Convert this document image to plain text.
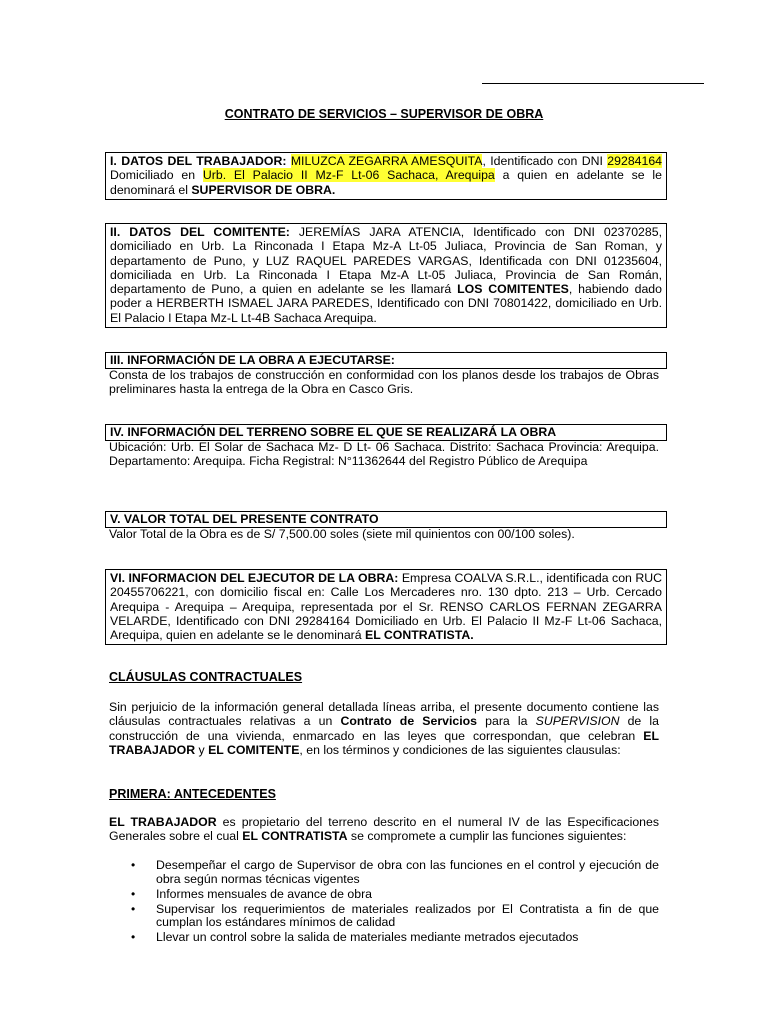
CONTRATO DE SERVICIOS – SUPERVISOR DE OBRA
I. DATOS DEL TRABAJADOR: MILUZCA ZEGARRA AMESQUITA, Identificado con DNI 29284164 Domiciliado en Urb. El Palacio II Mz-F Lt-06 Sachaca, Arequipa a quien en adelante se le denominará el SUPERVISOR DE OBRA.
II. DATOS DEL COMITENTE: JEREMÍAS JARA ATENCIA, Identificado con DNI 02370285, domiciliado en Urb. La Rinconada I Etapa Mz-A Lt-05 Juliaca, Provincia de San Roman, y departamento de Puno, y LUZ RAQUEL PAREDES VARGAS, Identificada con DNI 01235604, domiciliada en Urb. La Rinconada I Etapa Mz-A Lt-05 Juliaca, Provincia de San Román, departamento de Puno, a quien en adelante se les llamará LOS COMITENTES, habiendo dado poder a HERBERTH ISMAEL JARA PAREDES, Identificado con DNI 70801422, domiciliado en Urb. El Palacio I Etapa Mz-L Lt-4B Sachaca Arequipa.
III. INFORMACIÓN DE LA OBRA A EJECUTARSE:
Consta de los trabajos de construcción en conformidad con los planos desde los trabajos de Obras preliminares hasta la entrega de la Obra en Casco Gris.
IV. INFORMACIÓN DEL TERRENO SOBRE EL QUE SE REALIZARÁ LA OBRA
Ubicación: Urb. El Solar de Sachaca Mz- D Lt- 06 Sachaca. Distrito: Sachaca Provincia: Arequipa. Departamento: Arequipa. Ficha Registral: N°11362644 del Registro Público de Arequipa
V. VALOR TOTAL DEL PRESENTE CONTRATO
Valor Total de la Obra es de S/ 7,500.00 soles (siete mil quinientos con 00/100 soles).
VI. INFORMACION DEL EJECUTOR DE LA OBRA: Empresa COALVA S.R.L., identificada con RUC 20455706221, con domicilio fiscal en: Calle Los Mercaderes nro. 130 dpto. 213 – Urb. Cercado Arequipa - Arequipa – Arequipa, representada por el Sr. RENSO CARLOS FERNAN ZEGARRA VELARDE, Identificado con DNI 29284164 Domiciliado en Urb. El Palacio II Mz-F Lt-06 Sachaca, Arequipa, quien en adelante se le denominará EL CONTRATISTA.
CLÁUSULAS CONTRACTUALES
Sin perjuicio de la información general detallada líneas arriba, el presente documento contiene las cláusulas contractuales relativas a un Contrato de Servicios para la SUPERVISION de la construcción de una vivienda, enmarcado en las leyes que correspondan, que celebran EL TRABAJADOR y EL COMITENTE, en los términos y condiciones de las siguientes clausulas:
PRIMERA: ANTECEDENTES
EL TRABAJADOR es propietario del terreno descrito en el numeral IV de las Especificaciones Generales sobre el cual EL CONTRATISTA se compromete a cumplir las funciones siguientes:
• Desempeñar el cargo de Supervisor de obra con las funciones en el control y ejecución de obra según normas técnicas vigentes
• Informes mensuales de avance de obra
• Supervisar los requerimientos de materiales realizados por El Contratista a fin de que cumplan los estándares mínimos de calidad
• Llevar un control sobre la salida de materiales mediante metrados ejecutados
